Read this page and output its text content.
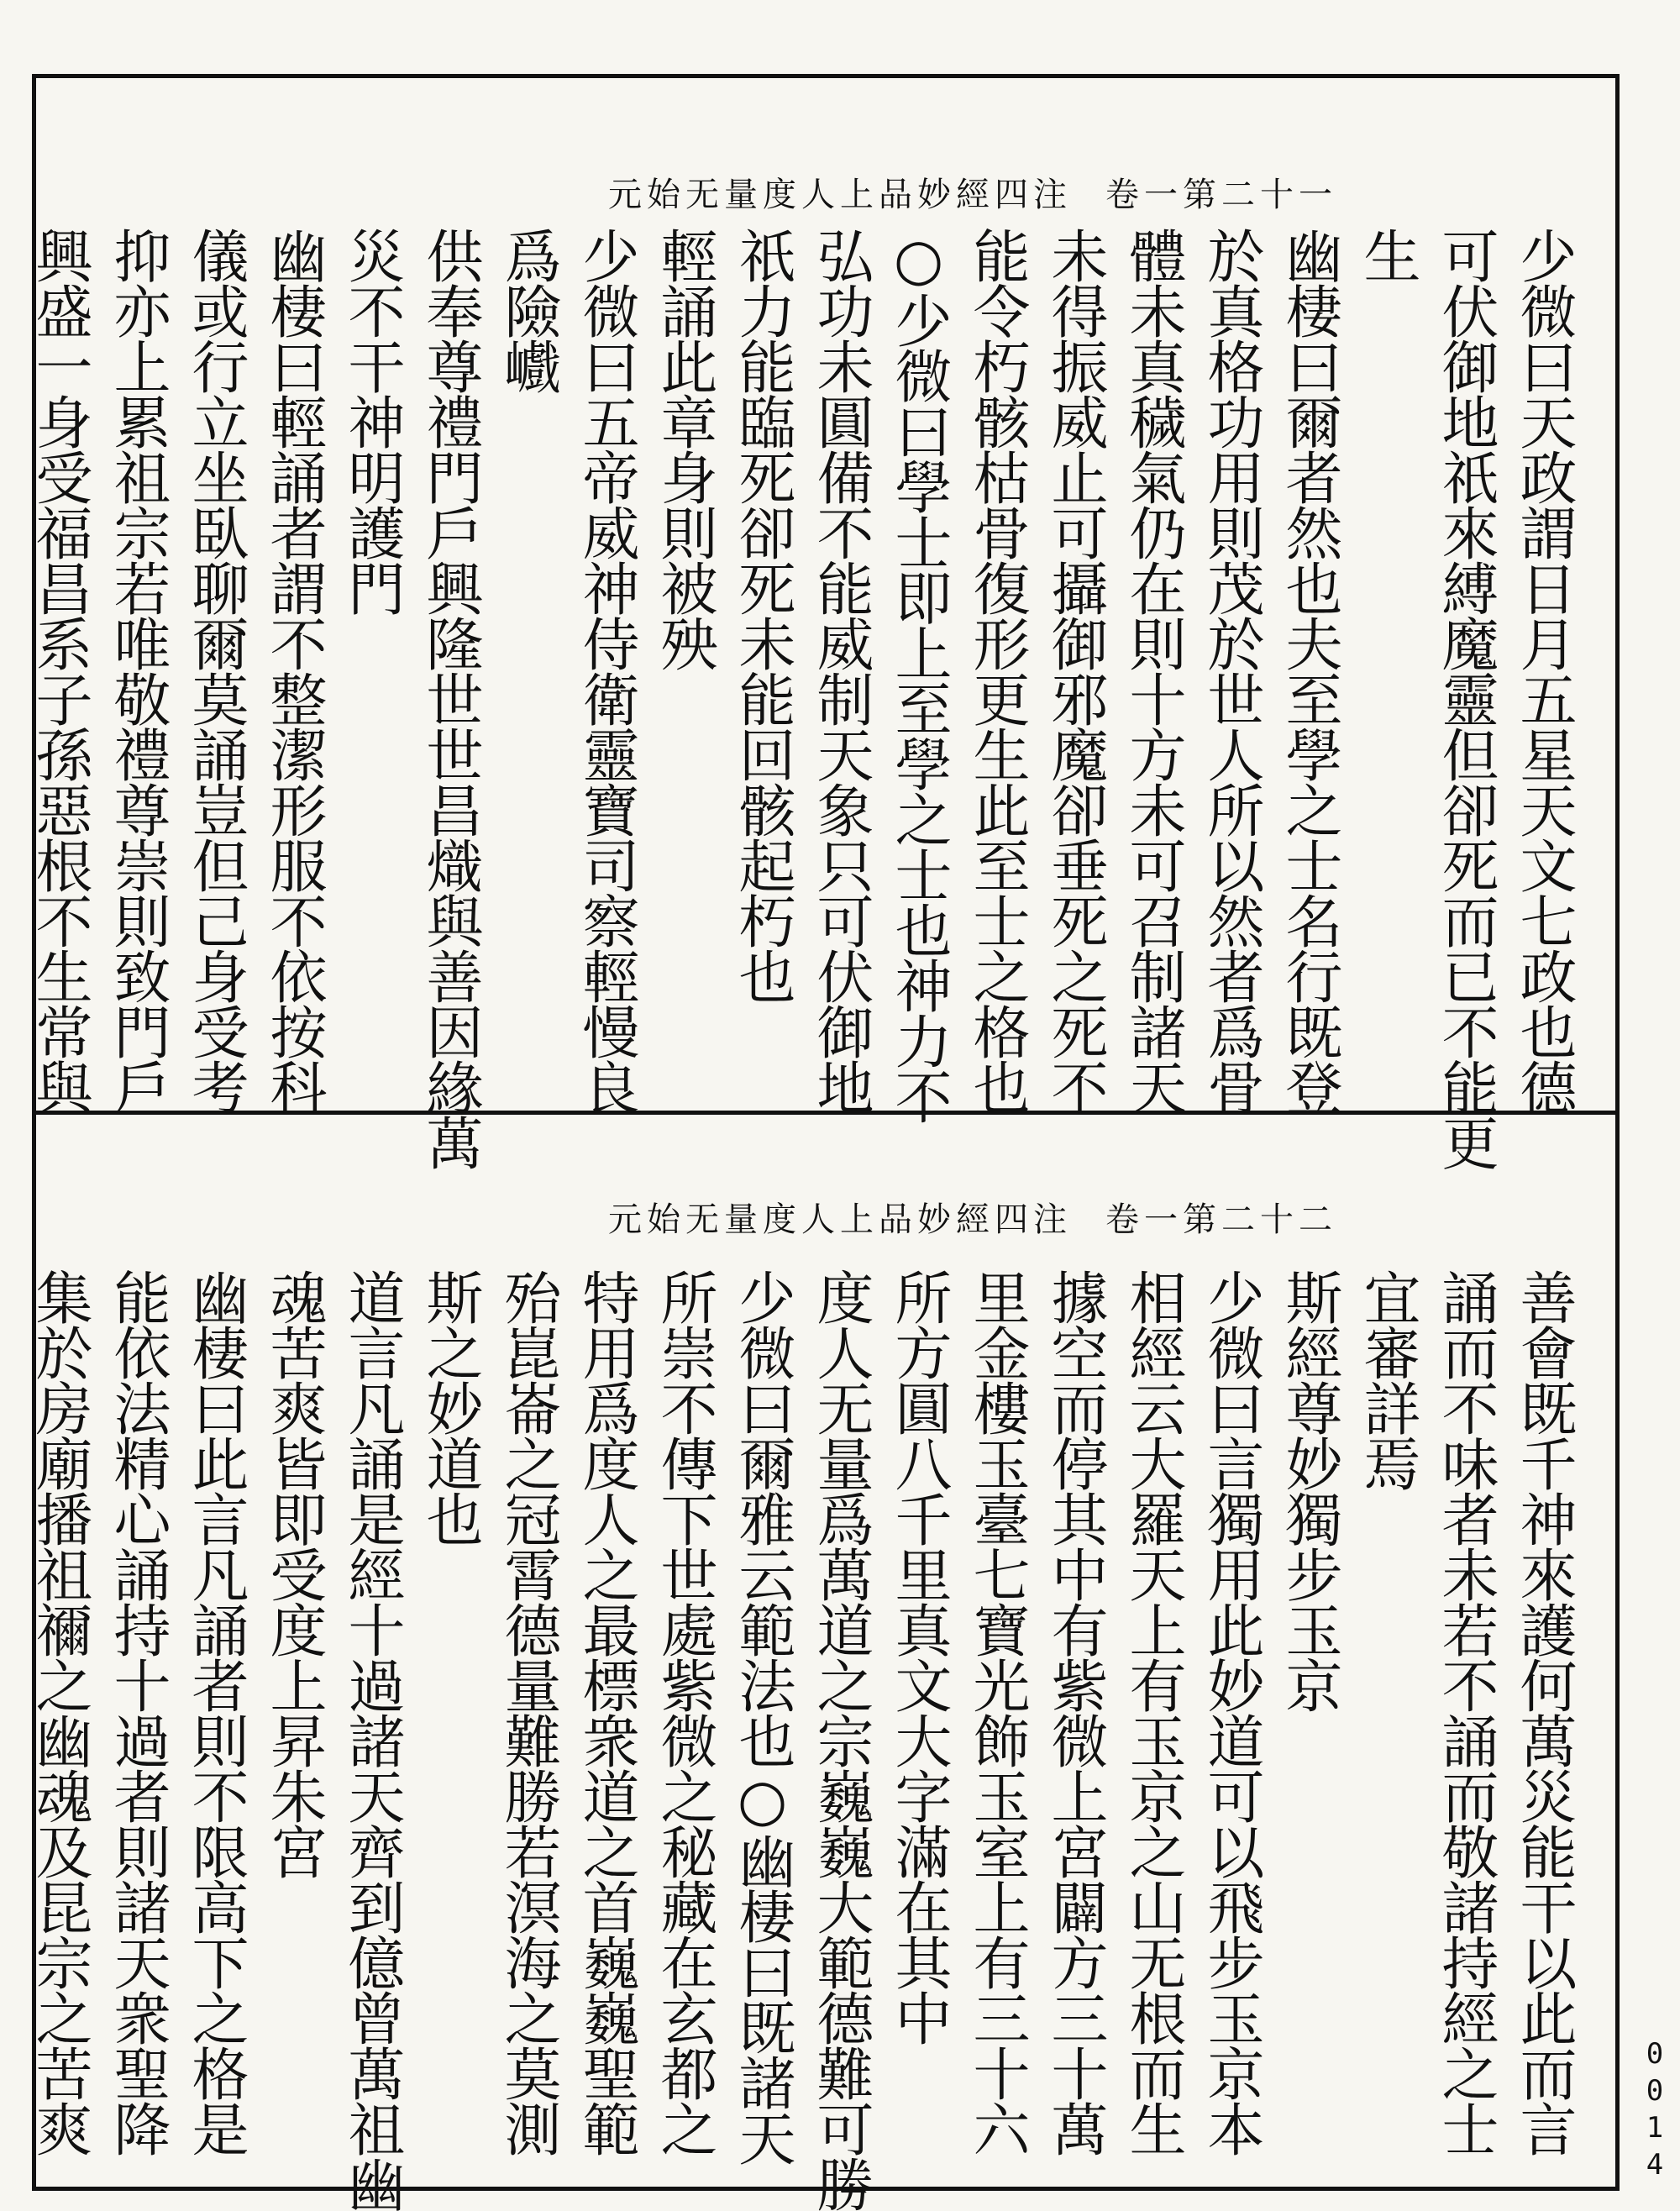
元始无量度人上品妙經四注 卷一第二十一
少微曰天政謂日月五星天文七政也德
可伏御地祇來縛魔靈但卻死而已不能更
生
幽棲曰爾者然也夫至學之士名行既登
於真格功用則茂於世人所以然者爲骨
體未真穢氣仍在則十方未可召制諸天
未得振威止可攝御邪魔卻垂死之死不
能令朽骸枯骨復形更生此至士之格也
○少微曰學士即上至學之士也神力不
弘功未圓備不能威制天象只可伏御地
祇力能臨死卻死未能回骸起朽也
輕誦此章身則被殃
少微曰五帝威神侍衛靈寶司察輕慢良
爲險巇
供奉尊禮門戶興隆世世昌熾與善因緣萬
災不干神明護門
幽棲曰輕誦者謂不整潔形服不依按科
儀或行立坐臥聊爾莫誦豈但己身受考
抑亦上累祖宗若唯敬禮尊崇則致門戶
興盛一身受福昌系子孫惡根不生常與
元始无量度人上品妙經四注 卷一第二十二
善會既千神來護何萬災能干以此而言
誦而不味者未若不誦而敬諸持經之士
宜審詳焉
斯經尊妙獨步玉京
少微曰言獨用此妙道可以飛步玉京本
相經云大羅天上有玉京之山无根而生
據空而停其中有紫微上宮闢方三十萬
里金樓玉臺七寶光飾玉室上有三十六
所方圓八千里真文大字滿在其中
度人无量爲萬道之宗巍巍大範德難可勝
少微曰爾雅云範法也○幽棲曰既諸天
所崇不傳下世處紫微之秘藏在玄都之
特用爲度人之最標衆道之首巍巍聖範
殆崑崙之冠霄德量難勝若溟海之莫測
斯之妙道也
道言凡誦是經十過諸天齊到億曾萬祖幽
魂苦爽皆即受度上昇朱宮
幽棲曰此言凡誦者則不限高下之格是
能依法精心誦持十過者則諸天衆聖降
集於房廟播祖禰之幽魂及昆宗之苦爽	0014
